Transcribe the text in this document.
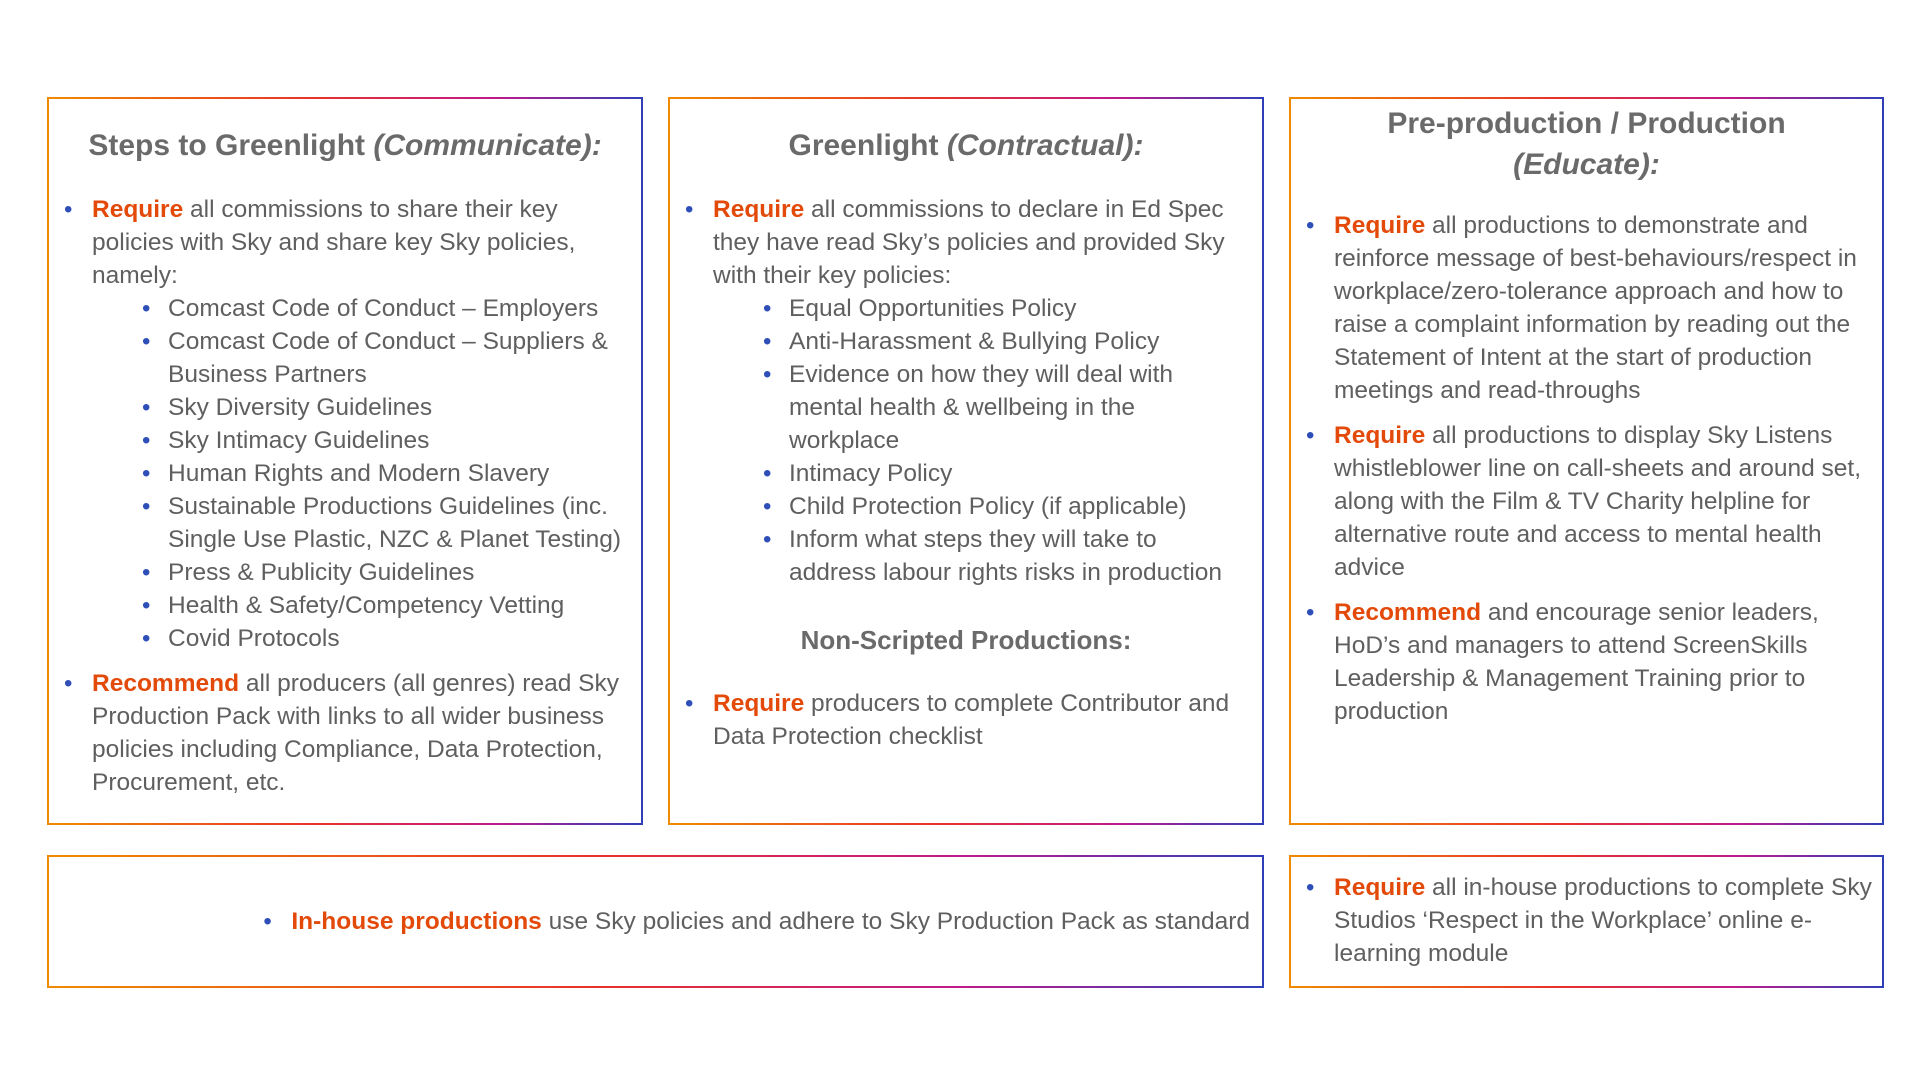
Steps to Greenlight (Communicate):
• Require all commissions to share their key policies with Sky and share key Sky policies, namely:
• Comcast Code of Conduct – Employers
• Comcast Code of Conduct – Suppliers & Business Partners
• Sky Diversity Guidelines
• Sky Intimacy Guidelines
• Human Rights and Modern Slavery
• Sustainable Productions Guidelines (inc. Single Use Plastic, NZC & Planet Testing)
• Press & Publicity Guidelines
• Health & Safety/Competency Vetting
• Covid Protocols
• Recommend all producers (all genres) read Sky Production Pack with links to all wider business policies including Compliance, Data Protection, Procurement, etc.
Greenlight (Contractual):
• Require all commissions to declare in Ed Spec they have read Sky’s policies and provided Sky with their key policies:
• Equal Opportunities Policy
• Anti-Harassment & Bullying Policy
• Evidence on how they will deal with mental health & wellbeing in the workplace
• Intimacy Policy
• Child Protection Policy (if applicable)
• Inform what steps they will take to address labour rights risks in production
Non-Scripted Productions:
• Require producers to complete Contributor and Data Protection checklist
Pre-production / Production
(Educate):
• Require all productions to demonstrate and reinforce message of best-behaviours/respect in workplace/zero-tolerance approach and how to raise a complaint information by reading out the Statement of Intent at the start of production meetings and read-throughs
• Require all productions to display Sky Listens whistleblower line on call-sheets and around set, along with the Film & TV Charity helpline for alternative route and access to mental health advice
• Recommend and encourage senior leaders, HoD’s and managers to attend ScreenSkills Leadership & Management Training prior to production
• In-house productions use Sky policies and adhere to Sky Production Pack as standard
• Require all in-house productions to complete Sky Studios ‘Respect in the Workplace’ online e-learning module
